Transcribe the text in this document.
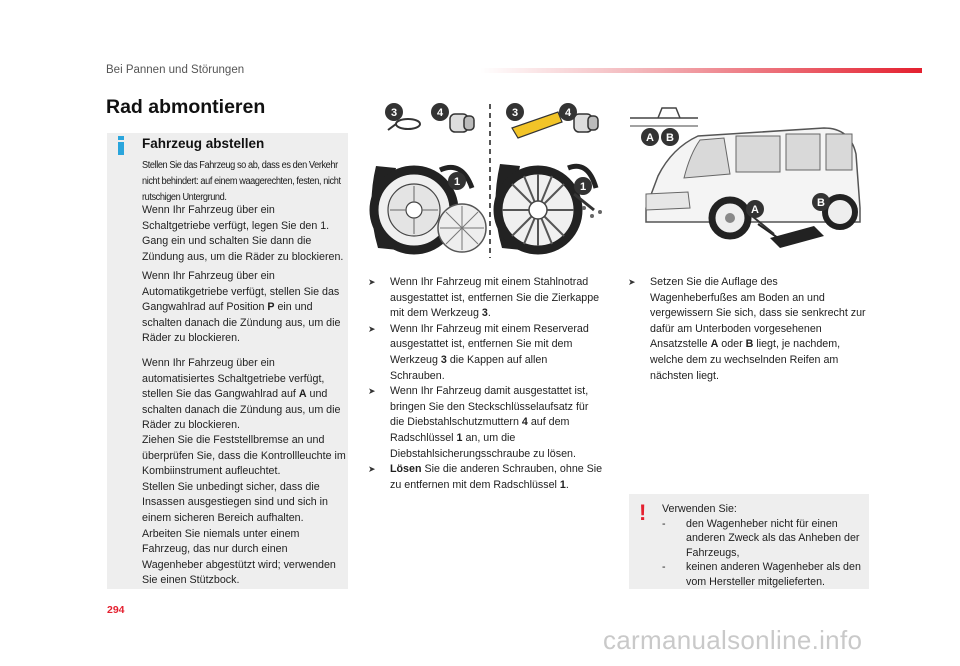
Bei Pannen und Störungen
Rad abmontieren
Fahrzeug abstellen
Stellen Sie das Fahrzeug so ab, dass es den Verkehr nicht behindert: auf einem waagerechten, festen, nicht rutschigen Untergrund.
Wenn Ihr Fahrzeug über ein Schaltgetriebe verfügt, legen Sie den 1. Gang ein und schalten Sie dann die Zündung aus, um die Räder zu blockieren.
Wenn Ihr Fahrzeug über ein Automatikgetriebe verfügt, stellen Sie das Gangwahlrad auf Position P ein und schalten danach die Zündung aus, um die Räder zu blockieren.
Wenn Ihr Fahrzeug über ein automatisiertes Schaltgetriebe verfügt, stellen Sie das Gangwahlrad auf A und schalten danach die Zündung aus, um die Räder zu blockieren.
Ziehen Sie die Feststellbremse an und überprüfen Sie, dass die Kontrollleuchte im Kombiinstrument aufleuchtet.
Stellen Sie unbedingt sicher, dass die Insassen ausgestiegen sind und sich in einem sicheren Bereich aufhalten.
Arbeiten Sie niemals unter einem Fahrzeug, das nur durch einen Wagenheber abgestützt wird; verwenden Sie einen Stützbock.
3	4
1
3	4
1
A B
A
B
➤ Wenn Ihr Fahrzeug mit einem Stahlnotrad ausgestattet ist, entfernen Sie die Zierkappe mit dem Werkzeug 3.
➤ Wenn Ihr Fahrzeug mit einem Reserverad ausgestattet ist, entfernen Sie mit dem Werkzeug 3 die Kappen auf allen Schrauben.
➤ Wenn Ihr Fahrzeug damit ausgestattet ist, bringen Sie den Steckschlüsselaufsatz für die Diebstahlschutzmuttern 4 auf dem Radschlüssel 1 an, um die Diebstahlsicherungsschraube zu lösen.
➤ Lösen Sie die anderen Schrauben, ohne Sie zu entfernen mit dem Radschlüssel 1.
➤ Setzen Sie die Auflage des Wagenheberfußes am Boden an und vergewissern Sie sich, dass sie senkrecht zur dafür am Unterboden vorgesehenen Ansatzstelle A oder B liegt, je nachdem, welche dem zu wechselnden Reifen am nächsten liegt.
! Verwenden Sie:
- den Wagenheber nicht für einen anderen Zweck als das Anheben der Fahrzeugs,
- keinen anderen Wagenheber als den vom Hersteller mitgelieferten.
294
carmanualsonline.info
